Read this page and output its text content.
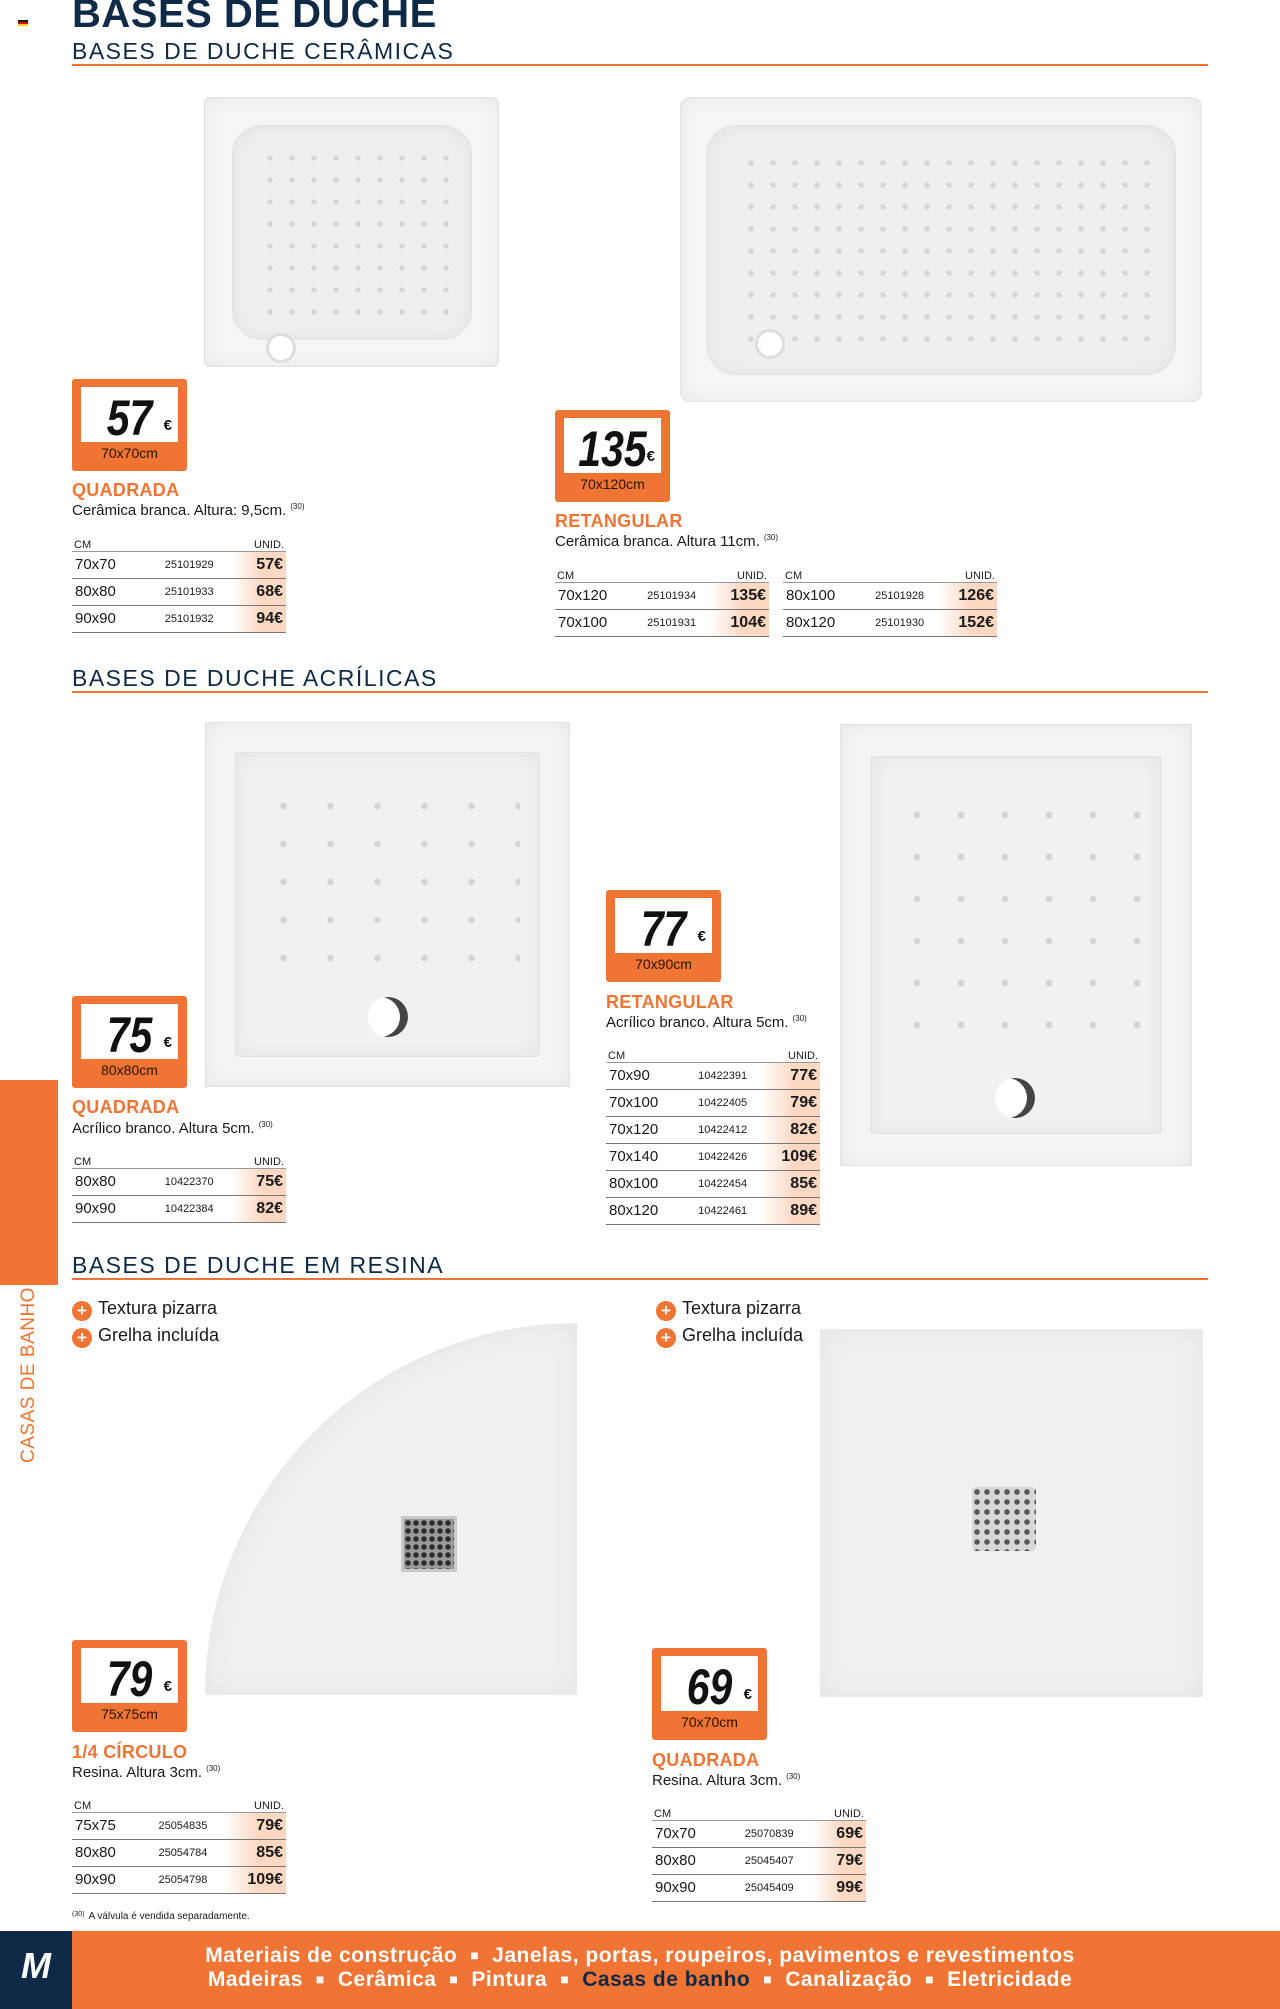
BASES DE DUCHE
BASES DE DUCHE CERÂMICAS
CASAS DE BANHO
57 €
70x70cm
QUADRADA
Cerâmica branca. Altura: 9,5cm. $^{(30)}$
CM		UNID.
70x70	25101929	57€
80x80	25101933	68€
90x90	25101932	94€
135 €
70x120cm
RETANGULAR
Cerâmica branca. Altura 11cm. $^{(30)}$
CM		UNID.
70x120	25101934	135€
70x100	25101931	104€
CM		UNID.
80x100	25101928	126€
80x120	25101930	152€
BASES DE DUCHE ACRÍLICAS
75 €
80x80cm
QUADRADA
Acrílico branco. Altura 5cm. $^{(30)}$
CM		UNID.
80x80	10422370	75€
90x90	10422384	82€
77 €
70x90cm
RETANGULAR
Acrílico branco. Altura 5cm. $^{(30)}$
CM		UNID.
70x90	10422391	77€
70x100	10422405	79€
70x120	10422412	82€
70x140	10422426	109€
80x100	10422454	85€
80x120	10422461	89€
BASES DE DUCHE EM RESINA
+ Textura pizarra
+ Grelha incluída
+ Textura pizarra
+ Grelha incluída
79 €
75x75cm
1/4 CÍRCULO
Resina. Altura 3cm. $^{(30)}$
CM		UNID.
75x75	25054835	79€
80x80	25054784	85€
90x90	25054798	109€
69 €
70x70cm
QUADRADA
Resina. Altura 3cm. $^{(30)}$
CM		UNID.
70x70	25070839	69€
80x80	25045407	79€
90x90	25045409	99€
$^{(30)}$ A válvula é vendida separadamente.
M	Materiais de construção ■ Janelas, portas, roupeiros, pavimentos e revestimentos
Madeiras ■ Cerâmica ■ Pintura ■ Casas de banho ■ Canalização ■ Eletricidade
